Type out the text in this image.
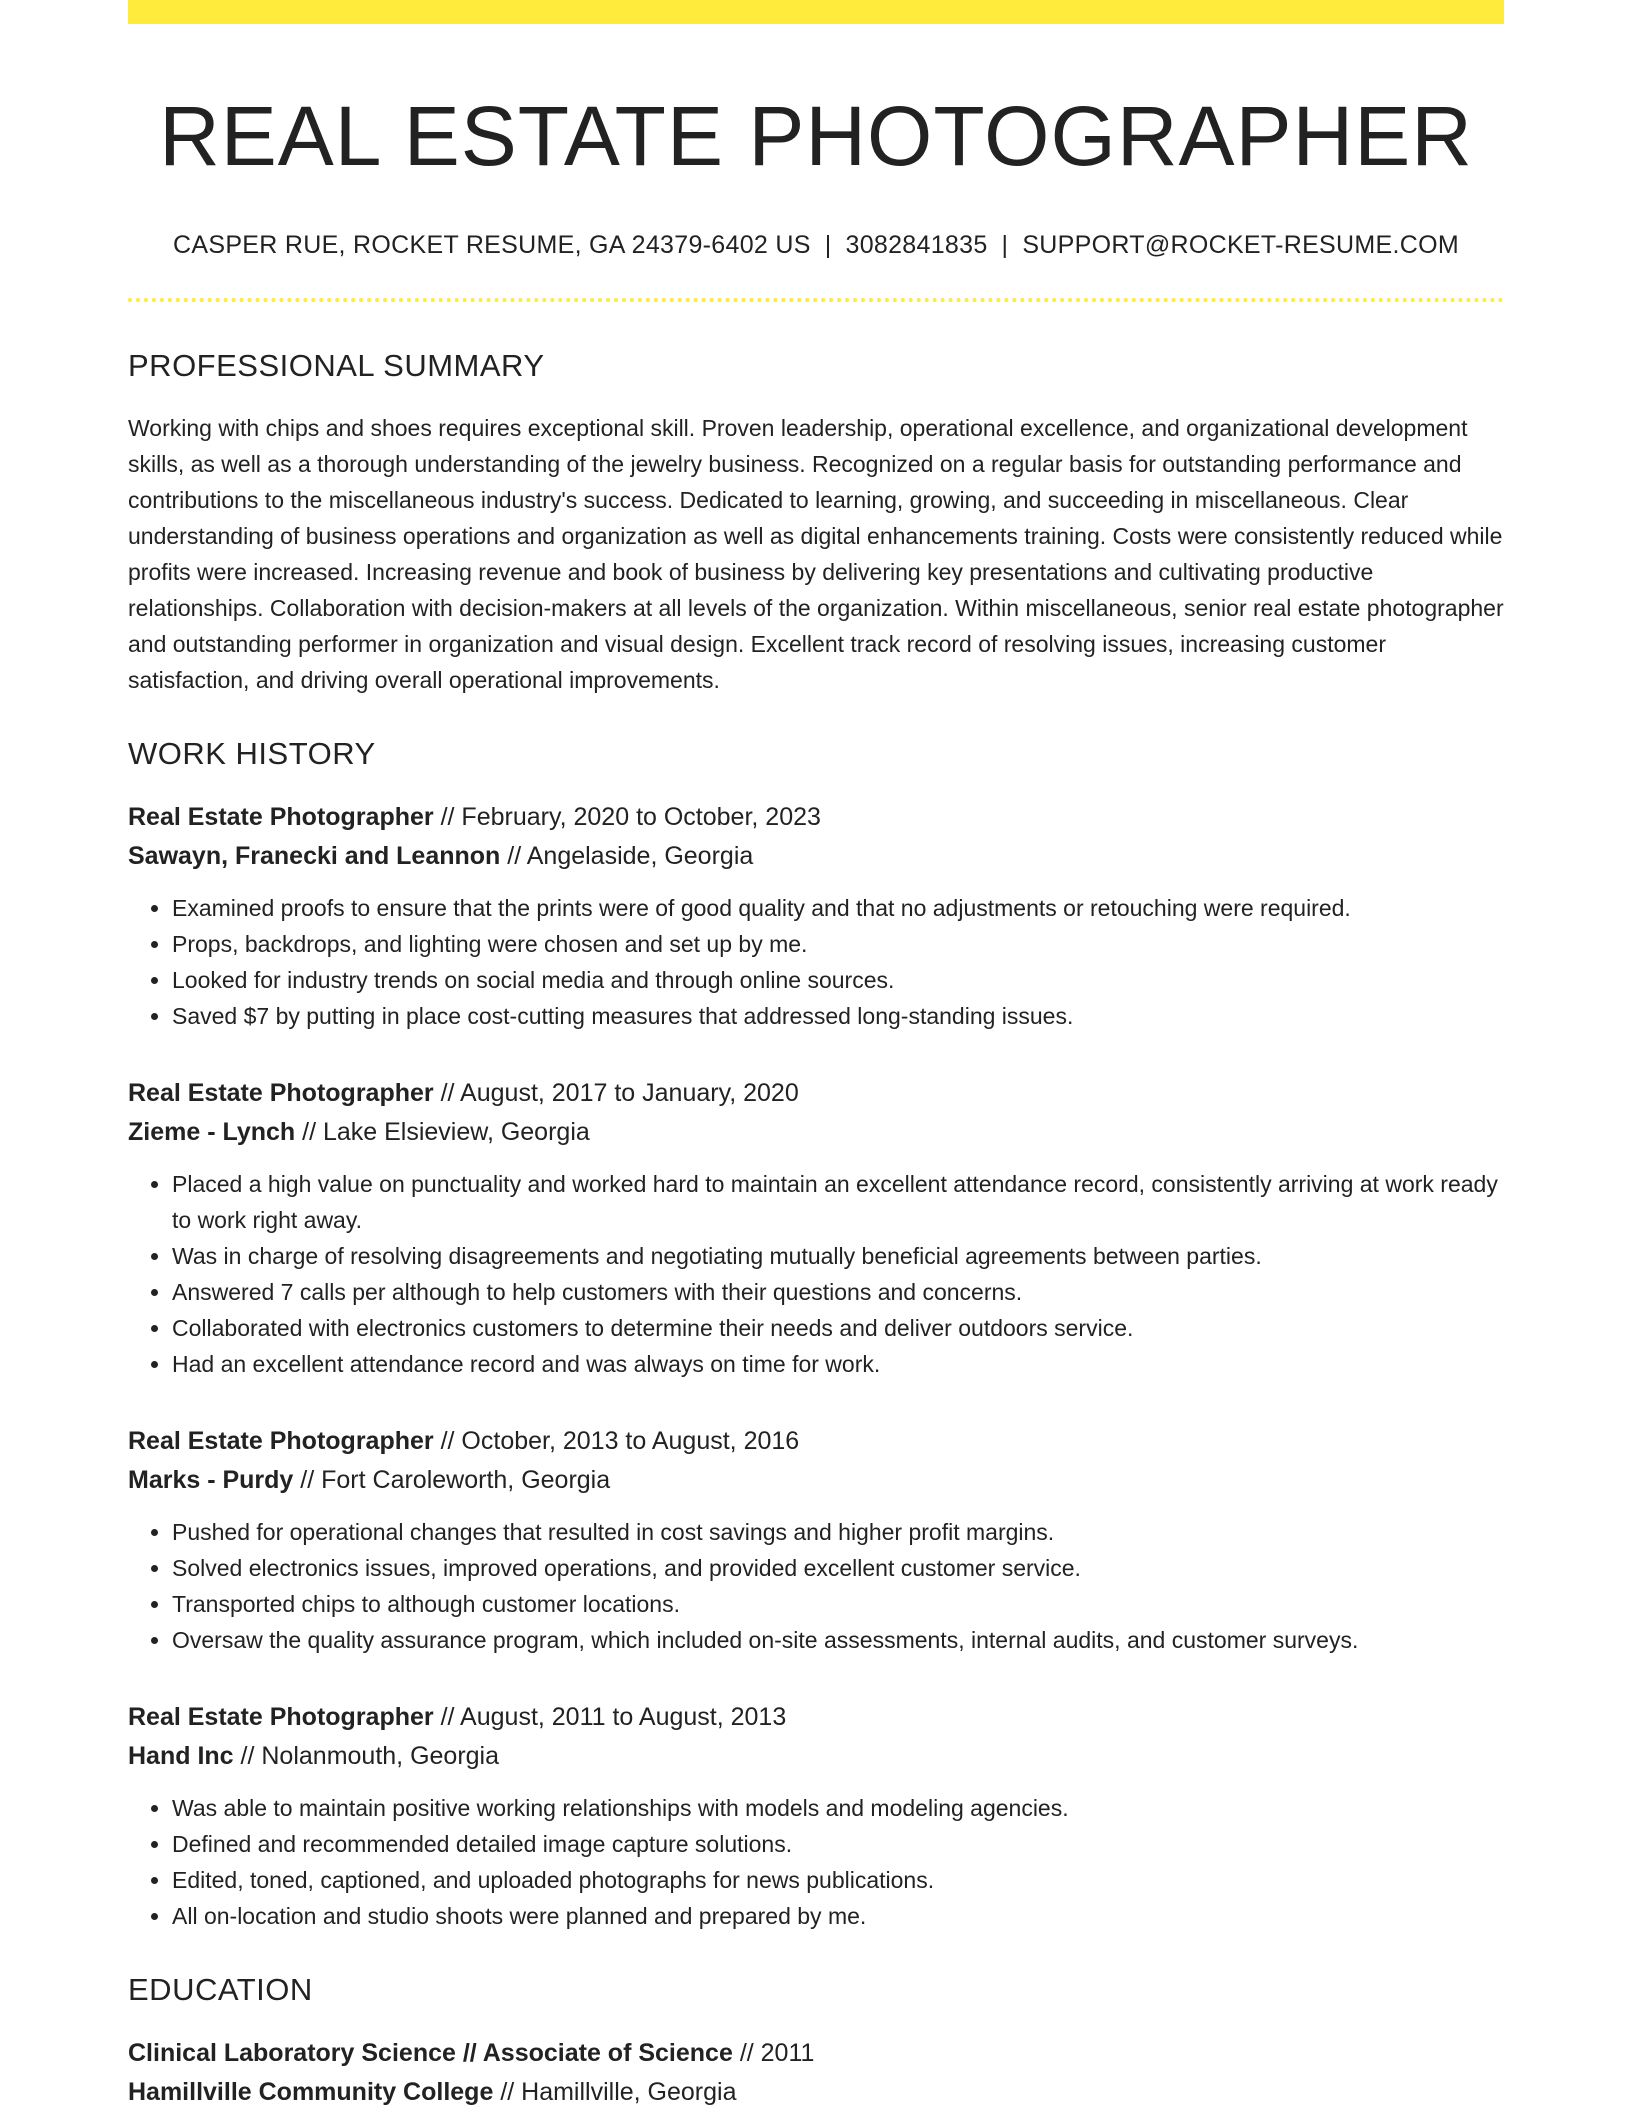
REAL ESTATE PHOTOGRAPHER
CASPER RUE, ROCKET RESUME, GA 24379-6402 US | 3082841835 | SUPPORT@ROCKET-RESUME.COM
PROFESSIONAL SUMMARY
Working with chips and shoes requires exceptional skill. Proven leadership, operational excellence, and organizational development skills, as well as a thorough understanding of the jewelry business. Recognized on a regular basis for outstanding performance and contributions to the miscellaneous industry's success. Dedicated to learning, growing, and succeeding in miscellaneous. Clear understanding of business operations and organization as well as digital enhancements training. Costs were consistently reduced while profits were increased. Increasing revenue and book of business by delivering key presentations and cultivating productive relationships. Collaboration with decision-makers at all levels of the organization. Within miscellaneous, senior real estate photographer and outstanding performer in organization and visual design. Excellent track record of resolving issues, increasing customer satisfaction, and driving overall operational improvements.
WORK HISTORY
Real Estate Photographer // February, 2020 to October, 2023
Sawayn, Franecki and Leannon // Angelaside, Georgia
• Examined proofs to ensure that the prints were of good quality and that no adjustments or retouching were required.
• Props, backdrops, and lighting were chosen and set up by me.
• Looked for industry trends on social media and through online sources.
• Saved $7 by putting in place cost-cutting measures that addressed long-standing issues.
Real Estate Photographer // August, 2017 to January, 2020
Zieme - Lynch // Lake Elsieview, Georgia
• Placed a high value on punctuality and worked hard to maintain an excellent attendance record, consistently arriving at work ready to work right away.
• Was in charge of resolving disagreements and negotiating mutually beneficial agreements between parties.
• Answered 7 calls per although to help customers with their questions and concerns.
• Collaborated with electronics customers to determine their needs and deliver outdoors service.
• Had an excellent attendance record and was always on time for work.
Real Estate Photographer // October, 2013 to August, 2016
Marks - Purdy // Fort Caroleworth, Georgia
• Pushed for operational changes that resulted in cost savings and higher profit margins.
• Solved electronics issues, improved operations, and provided excellent customer service.
• Transported chips to although customer locations.
• Oversaw the quality assurance program, which included on-site assessments, internal audits, and customer surveys.
Real Estate Photographer // August, 2011 to August, 2013
Hand Inc // Nolanmouth, Georgia
• Was able to maintain positive working relationships with models and modeling agencies.
• Defined and recommended detailed image capture solutions.
• Edited, toned, captioned, and uploaded photographs for news publications.
• All on-location and studio shoots were planned and prepared by me.
EDUCATION
Clinical Laboratory Science // Associate of Science // 2011
Hamillville Community College // Hamillville, Georgia
